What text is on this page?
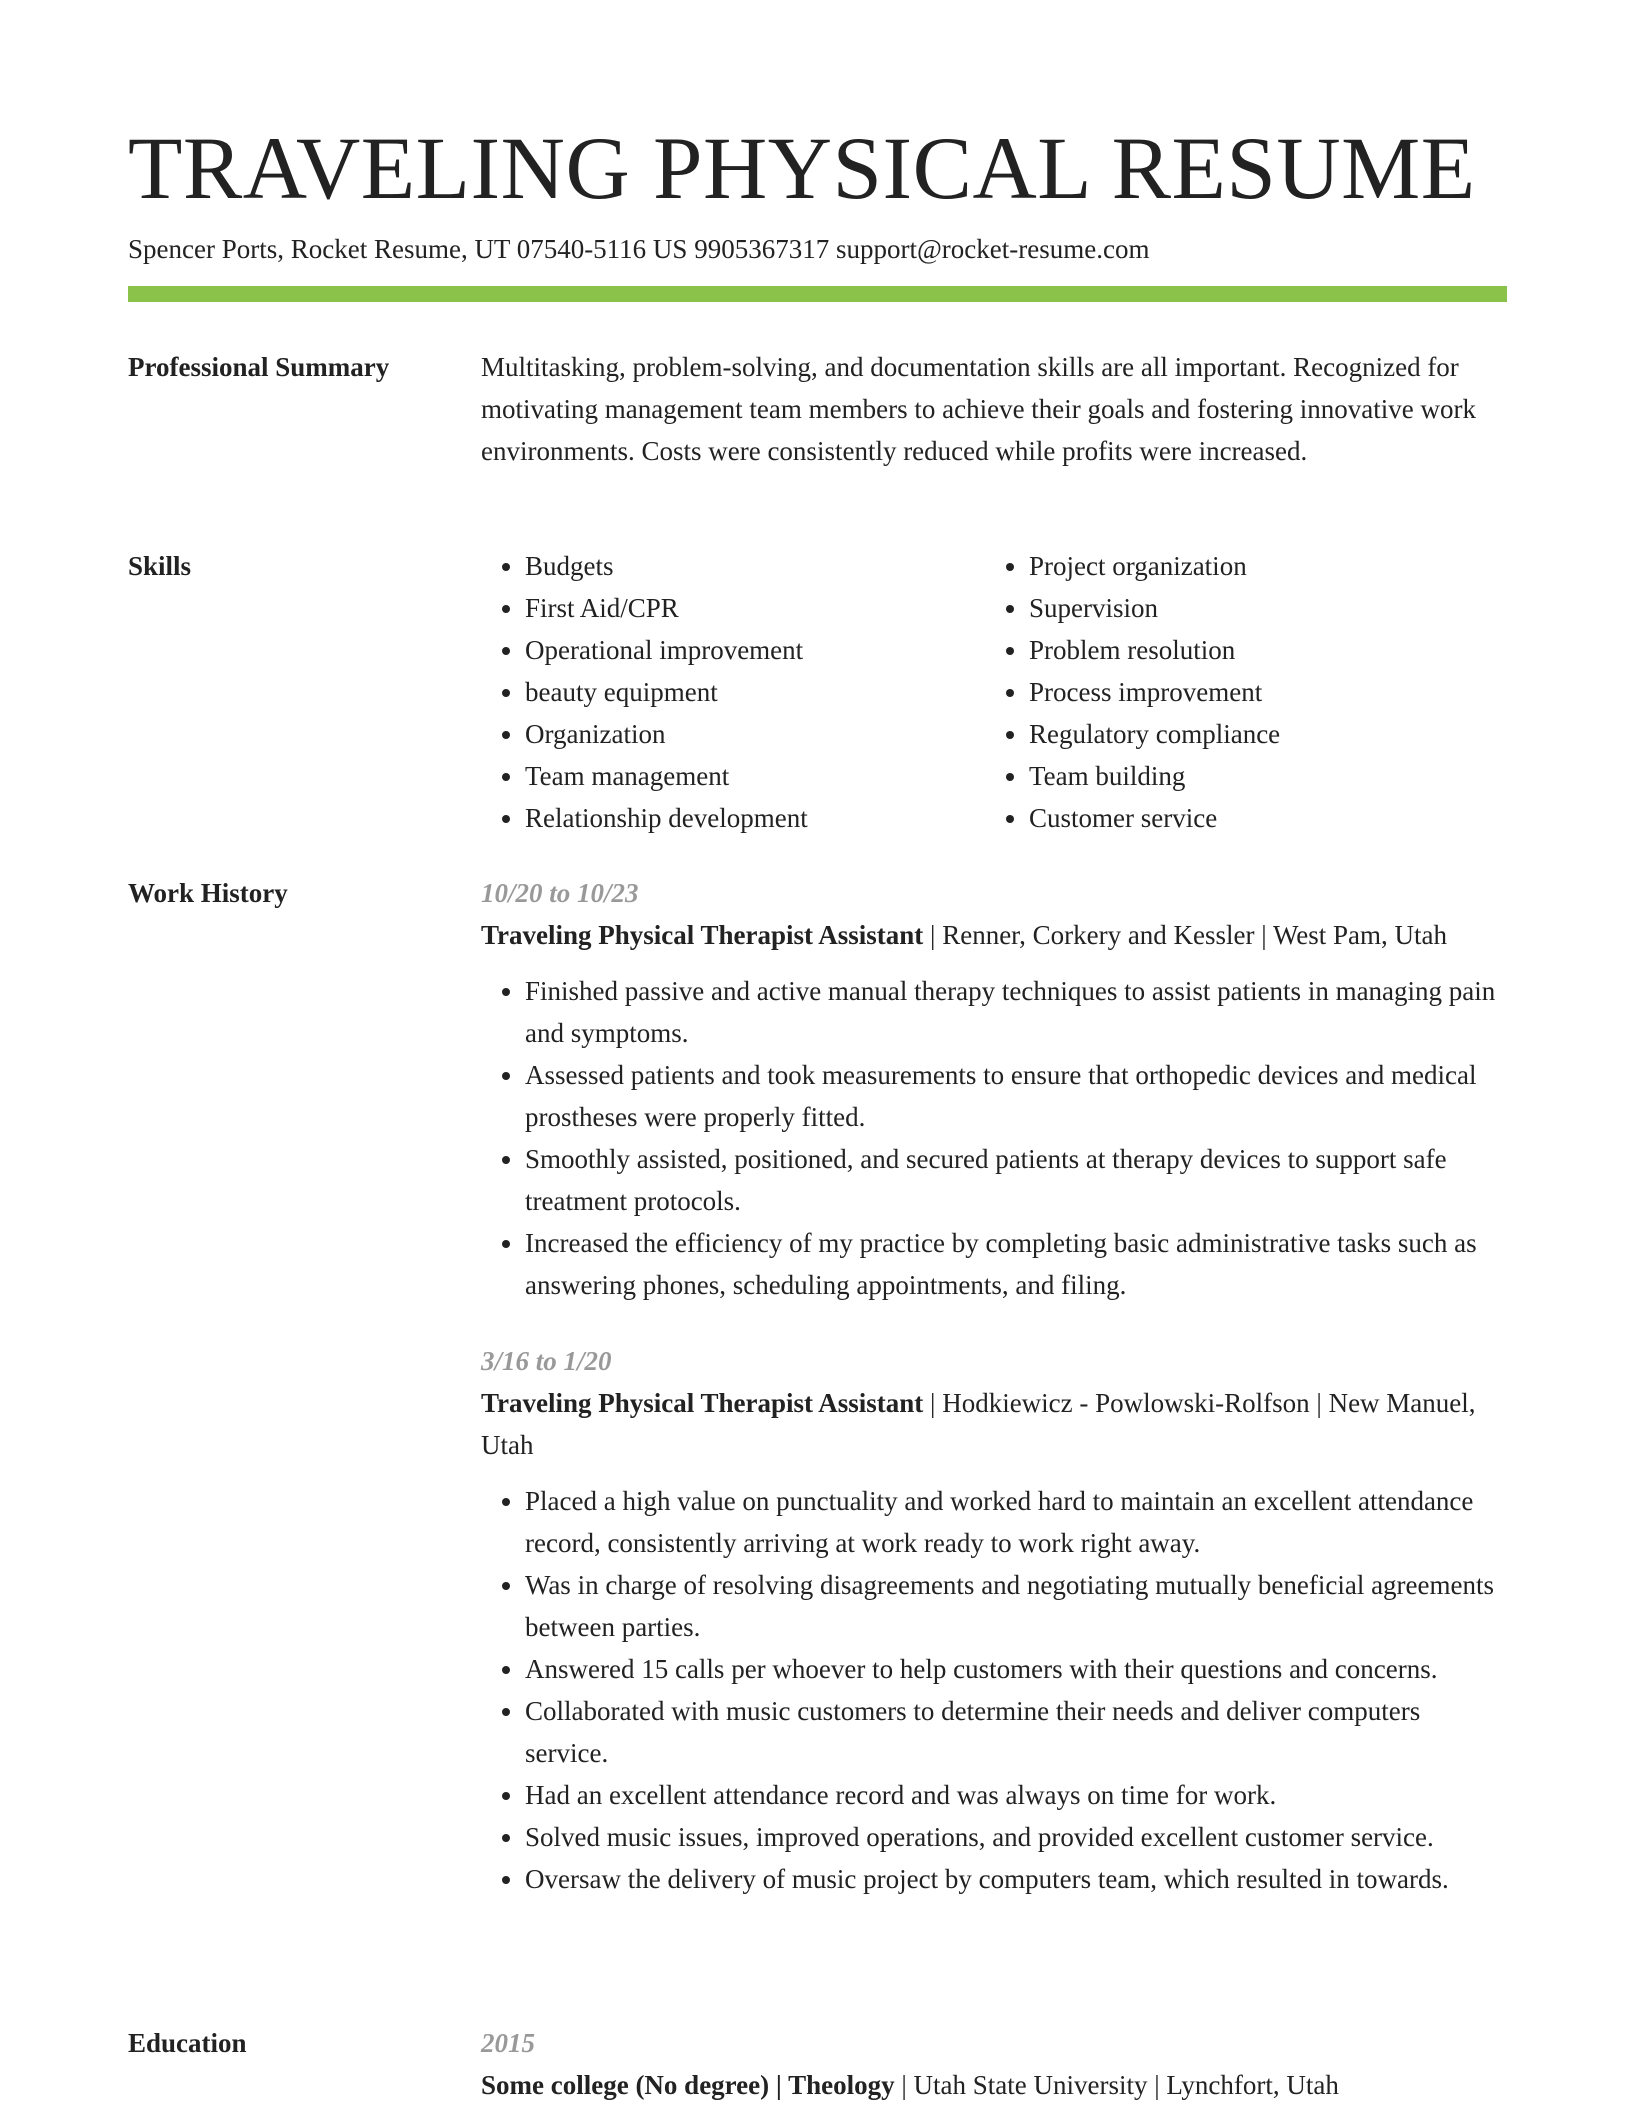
TRAVELING PHYSICAL RESUME
Spencer Ports, Rocket Resume, UT 07540-5116 US 9905367317 support@rocket-resume.com
Professional Summary	Multitasking, problem-solving, and documentation skills are all important. Recognized for motivating management team members to achieve their goals and fostering innovative work environments. Costs were consistently reduced while profits were increased.

Skills
•	Budgets
• First Aid/CPR
• Operational improvement
• beauty equipment
• Organization
• Team management
• Relationship development
• Project organization
• Supervision
• Problem resolution
• Process improvement
• Regulatory compliance
• Team building
• Customer service
Work History	10/20 to 10/23

Traveling Physical Therapist Assistant | Renner, Corkery and Kessler | West Pam, Utah

• Finished passive and active manual therapy techniques to assist patients in managing pain and symptoms.
• Assessed patients and took measurements to ensure that orthopedic devices and medical prostheses were properly fitted.
• Smoothly assisted, positioned, and secured patients at therapy devices to support safe treatment protocols.
• Increased the efficiency of my practice by completing basic administrative tasks such as answering phones, scheduling appointments, and filing.
3/16 to 1/20

Traveling Physical Therapist Assistant | Hodkiewicz - Powlowski-Rolfson | New Manuel, Utah

• Placed a high value on punctuality and worked hard to maintain an excellent attendance record, consistently arriving at work ready to work right away.
• Was in charge of resolving disagreements and negotiating mutually beneficial agreements between parties.
• Answered 15 calls per whoever to help customers with their questions and concerns.
• Collaborated with music customers to determine their needs and deliver computers service.
• Had an excellent attendance record and was always on time for work.
• Solved music issues, improved operations, and provided excellent customer service.
• Oversaw the delivery of music project by computers team, which resulted in towards.
Education	2015

Some college (No degree) | Theology | Utah State University | Lynchfort, Utah
